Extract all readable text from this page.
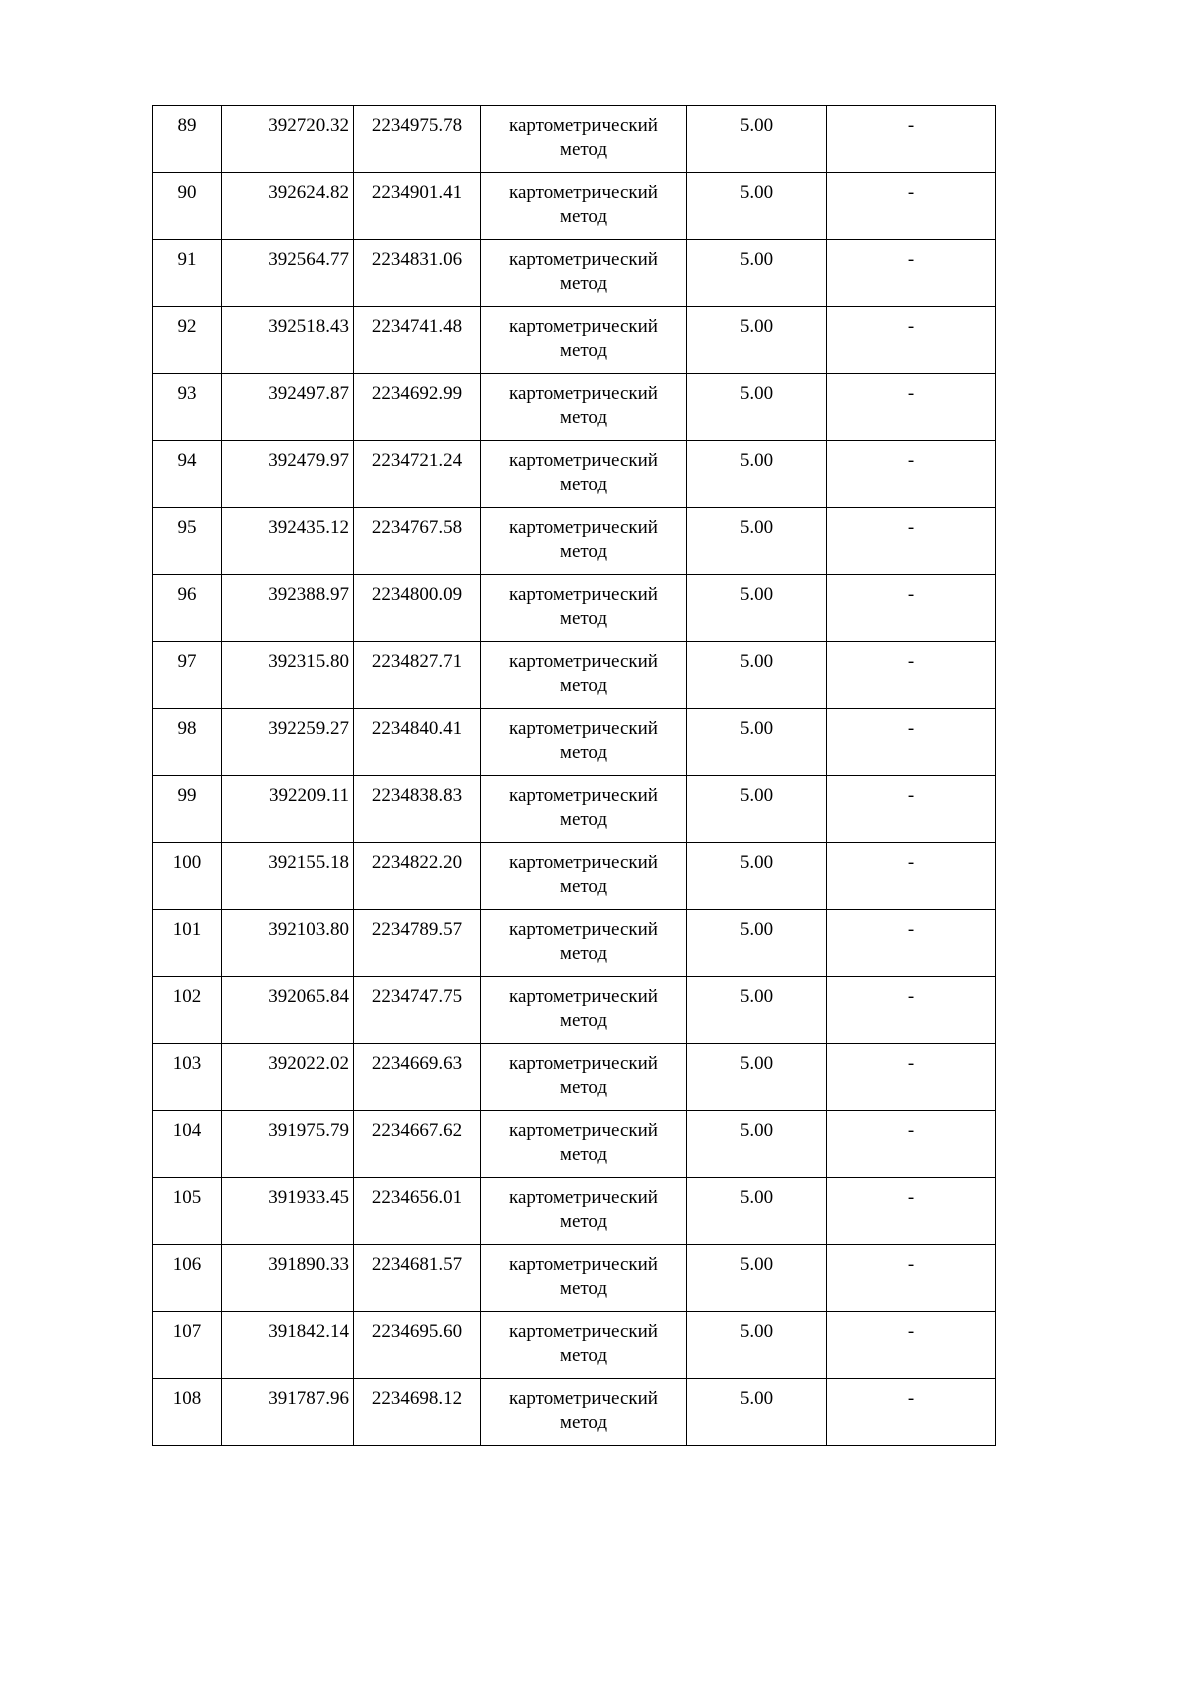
89	392720.32	2234975.78	картометрический метод	5.00	-
90	392624.82	2234901.41	картометрический метод	5.00	-
91	392564.77	2234831.06	картометрический метод	5.00	-
92	392518.43	2234741.48	картометрический метод	5.00	-
93	392497.87	2234692.99	картометрический метод	5.00	-
94	392479.97	2234721.24	картометрический метод	5.00	-
95	392435.12	2234767.58	картометрический метод	5.00	-
96	392388.97	2234800.09	картометрический метод	5.00	-
97	392315.80	2234827.71	картометрический метод	5.00	-
98	392259.27	2234840.41	картометрический метод	5.00	-
99	392209.11	2234838.83	картометрический метод	5.00	-
100	392155.18	2234822.20	картометрический метод	5.00	-
101	392103.80	2234789.57	картометрический метод	5.00	-
102	392065.84	2234747.75	картометрический метод	5.00	-
103	392022.02	2234669.63	картометрический метод	5.00	-
104	391975.79	2234667.62	картометрический метод	5.00	-
105	391933.45	2234656.01	картометрический метод	5.00	-
106	391890.33	2234681.57	картометрический метод	5.00	-
107	391842.14	2234695.60	картометрический метод	5.00	-
108	391787.96	2234698.12	картометрический метод	5.00	-
